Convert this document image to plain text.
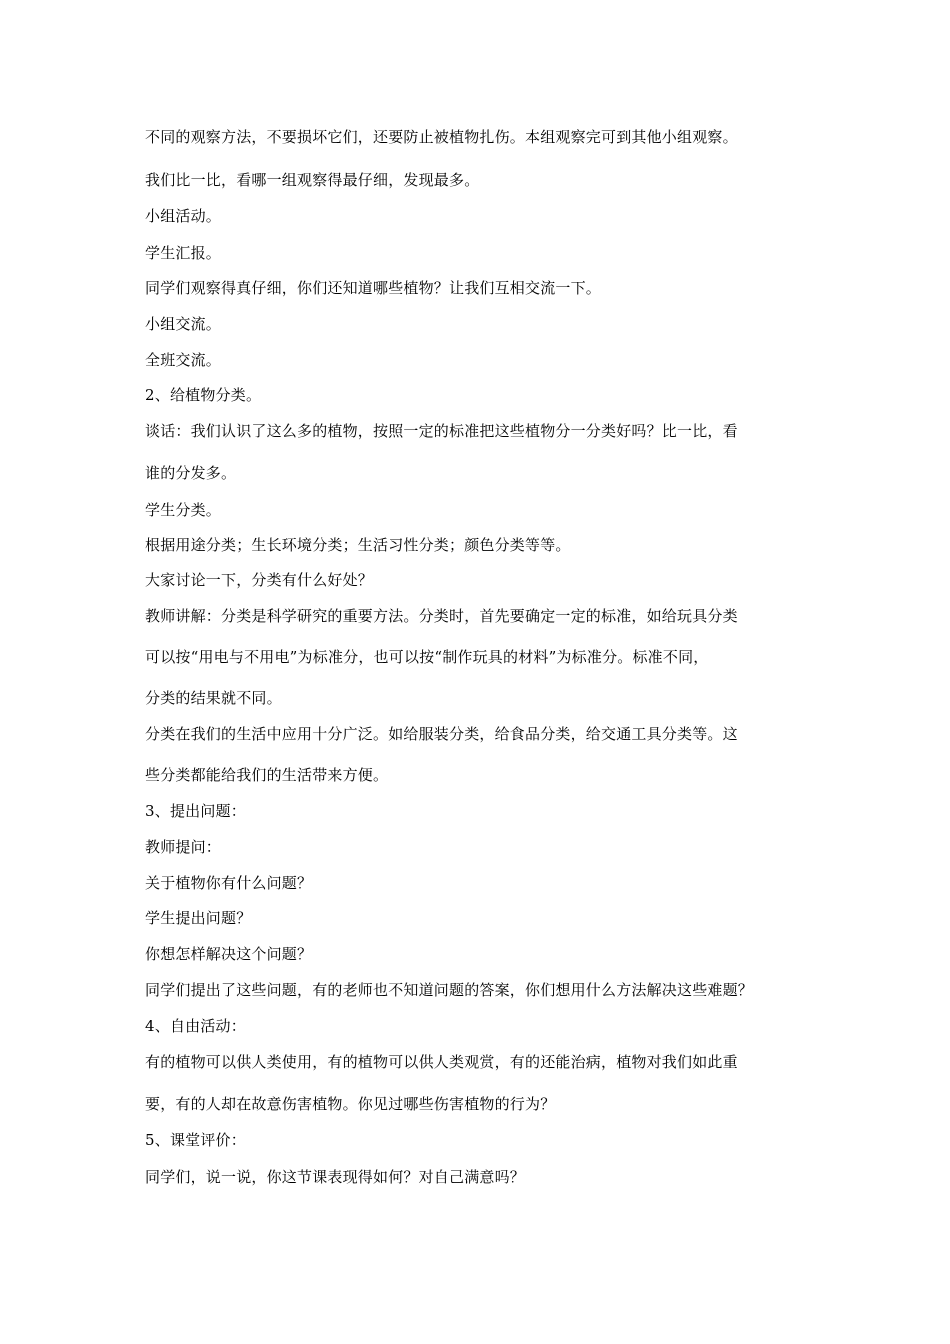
不同的观察方法，不要损坏它们，还要防止被植物扎伤。本组观察完可到其他小组观察。
我们比一比，看哪一组观察得最仔细，发现最多。
小组活动。
学生汇报。
同学们观察得真仔细，你们还知道哪些植物？让我们互相交流一下。
小组交流。
全班交流。
2、给植物分类。
谈话：我们认识了这么多的植物，按照一定的标准把这些植物分一分类好吗？比一比，看
谁的分发多。
学生分类。
根据用途分类；生长环境分类；生活习性分类；颜色分类等等。
大家讨论一下，分类有什么好处？
教师讲解：分类是科学研究的重要方法。分类时，首先要确定一定的标准，如给玩具分类
可以按“用电与不用电”为标准分，也可以按“制作玩具的材料”为标准分。标准不同，
分类的结果就不同。
分类在我们的生活中应用十分广泛。如给服装分类，给食品分类，给交通工具分类等。这
些分类都能给我们的生活带来方便。
3、提出问题：
教师提问：
关于植物你有什么问题？
学生提出问题？
你想怎样解决这个问题？
同学们提出了这些问题，有的老师也不知道问题的答案，你们想用什么方法解决这些难题？
4、自由活动：
有的植物可以供人类使用，有的植物可以供人类观赏，有的还能治病，植物对我们如此重
要，有的人却在故意伤害植物。你见过哪些伤害植物的行为？
5、课堂评价：
同学们，说一说，你这节课表现得如何？对自己满意吗？
